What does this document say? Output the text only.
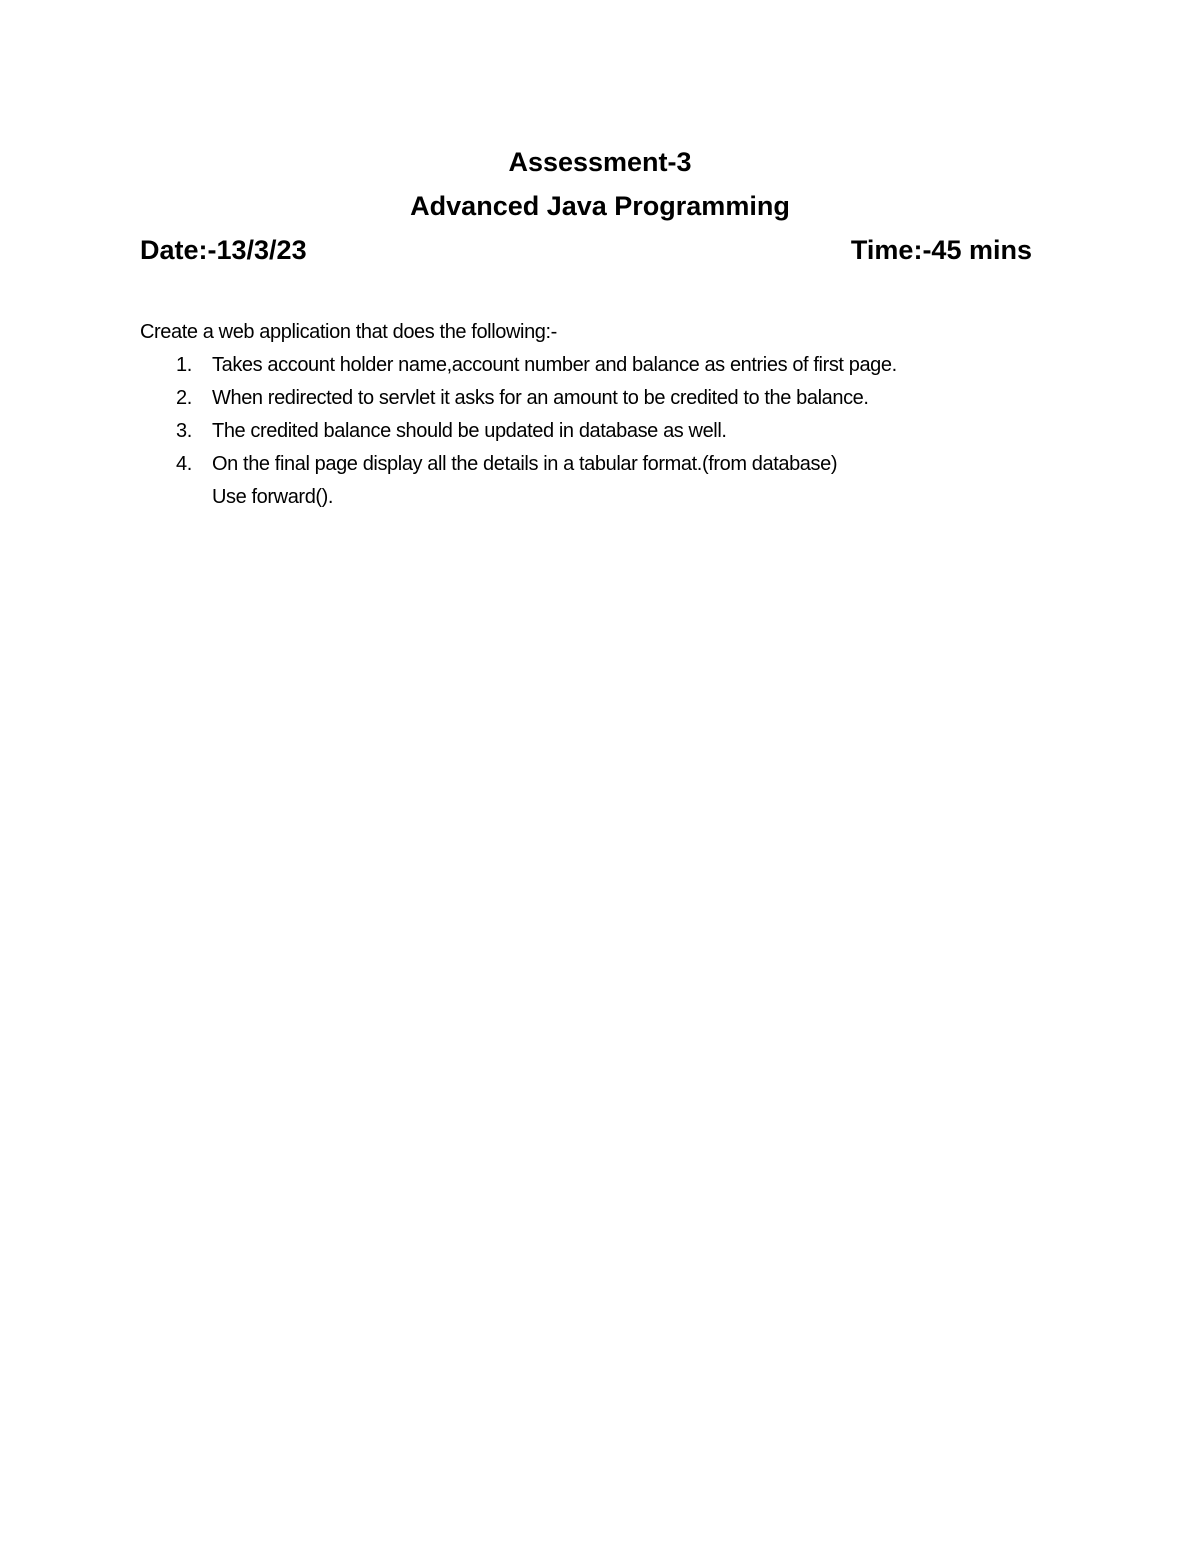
Assessment-3
Advanced Java Programming
Date:-13/3/23	Time:-45 mins
Create a web application that does the following:-
1. Takes account holder name,account number and balance as entries of first page.
2. When redirected to servlet it asks for an amount to be credited to the balance.
3. The credited balance should be updated in database as well.
4. On the final page display all the details in a tabular format.(from database)
Use forward().
